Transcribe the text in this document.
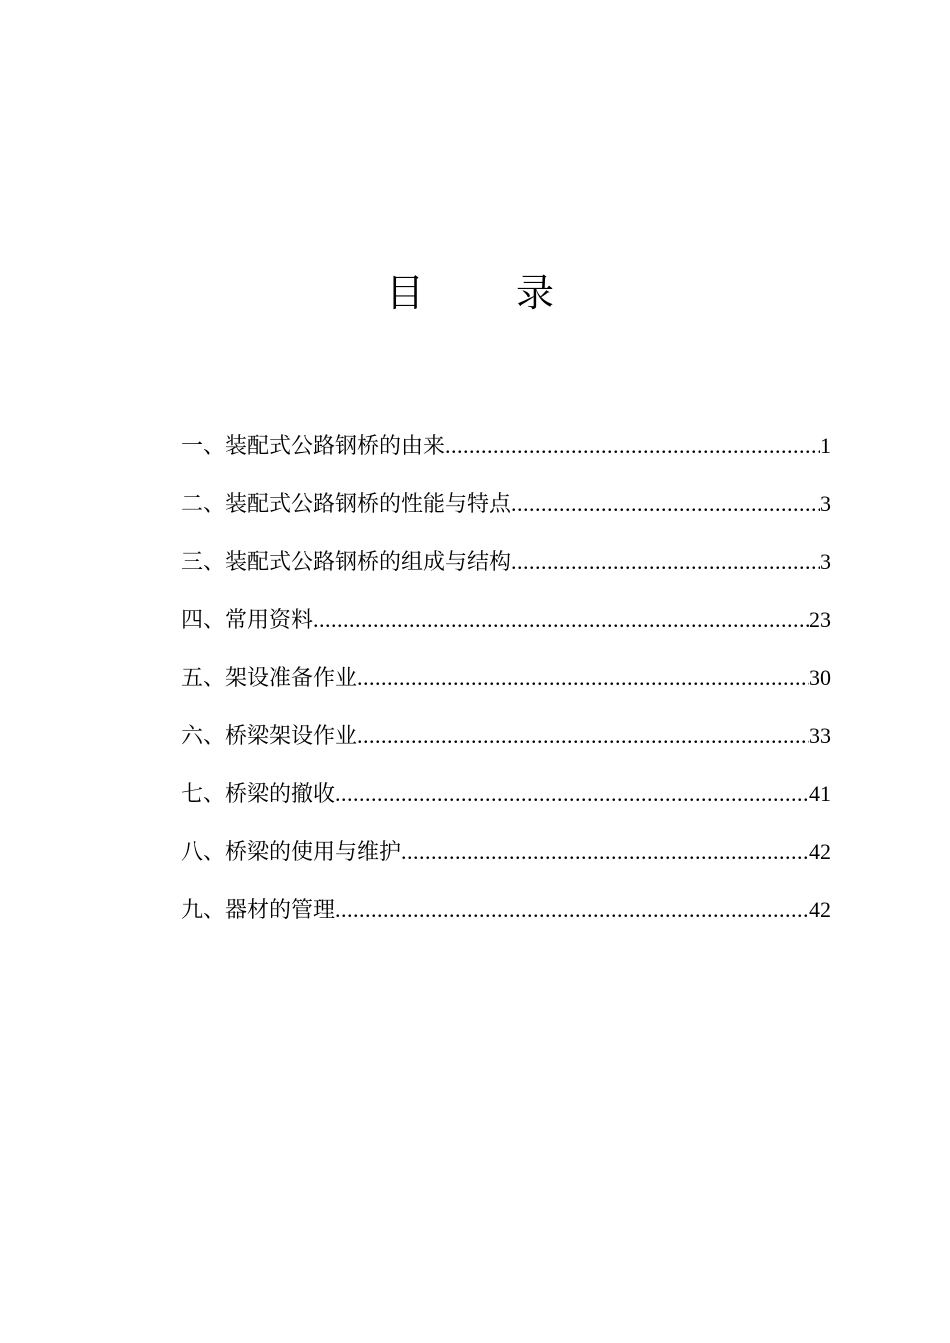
目 录
一、装配式公路钢桥的由来 .....	1
二、装配式公路钢桥的性能与特点 .....	3
三、装配式公路钢桥的组成与结构 .....	3
四、常用资料 .....	23
五、架设准备作业 .....	30
六、桥梁架设作业 .....	33
七、桥梁的撤收 .....	41
八、桥梁的使用与维护 .....	42
九、器材的管理 .....	42
